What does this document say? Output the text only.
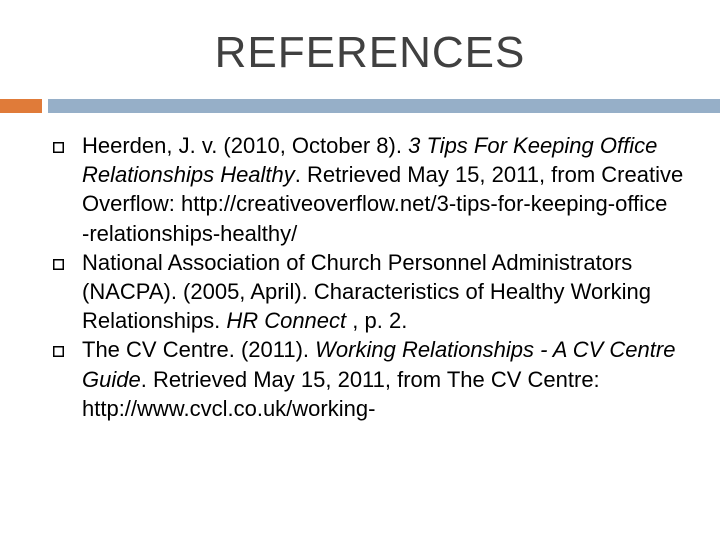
REFERENCES
Heerden, J. v. (2010, October 8). 3 Tips For Keeping Office Relationships Healthy. Retrieved May 15, 2011, from Creative Overflow: http://creativeoverflow.net/3-tips-for-keeping-office
-relationships-healthy/
National Association of Church Personnel Administrators (NACPA). (2005, April). Characteristics of Healthy Working Relationships. HR Connect , p. 2.
The CV Centre. (2011). Working Relationships - A CV Centre Guide. Retrieved May 15, 2011, from The CV Centre: http://www.cvcl.co.uk/working-
